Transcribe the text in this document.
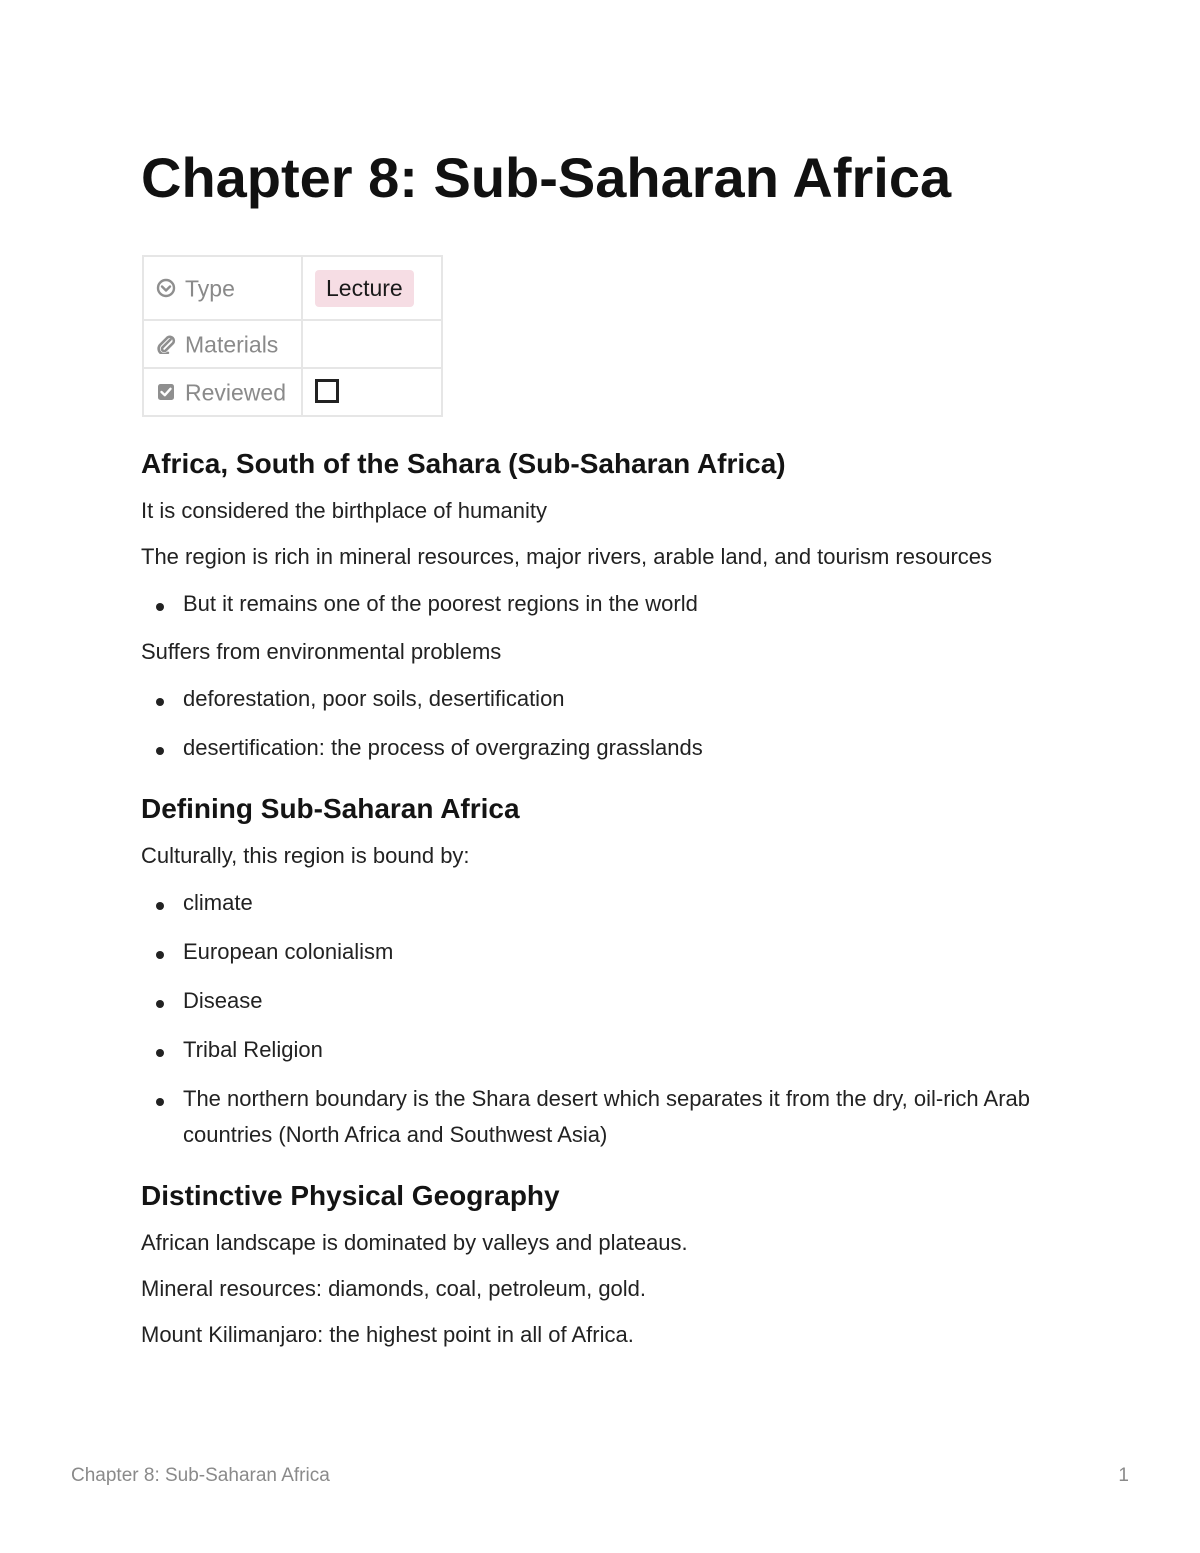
Chapter 8: Sub-Saharan Africa
Type	Lecture
Materials	
Reviewed	
Africa, South of the Sahara (Sub-Saharan Africa)

It is considered the birthplace of humanity

The region is rich in mineral resources, major rivers, arable land, and tourism resources

But it remains one of the poorest regions in the world

Suffers from environmental problems

deforestation, poor soils, desertification
desertification: the process of overgrazing grasslands
Defining Sub-Saharan Africa

Culturally, this region is bound by:

climate
European colonialism
Disease
Tribal Religion
The northern boundary is the Shara desert which separates it from the dry, oil-rich Arab countries (North Africa and Southwest Asia)
Distinctive Physical Geography

African landscape is dominated by valleys and plateaus.

Mineral resources: diamonds, coal, petroleum, gold.

Mount Kilimanjaro: the highest point in all of Africa.

Chapter 8: Sub-Saharan Africa	1
